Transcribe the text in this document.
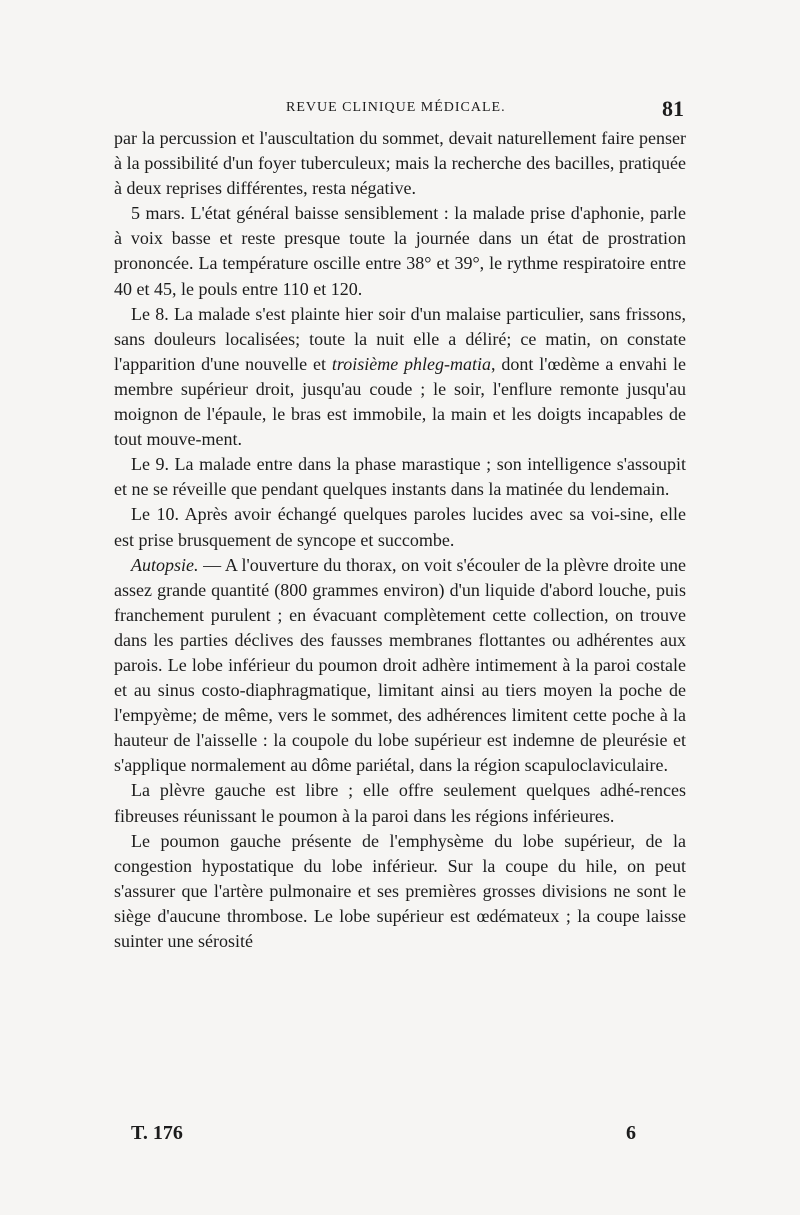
REVUE CLINIQUE MÉDICALE.	81

par la percussion et l'auscultation du sommet, devait naturellement faire penser à la possibilité d'un foyer tuberculeux; mais la recherche des bacilles, pratiquée à deux reprises différentes, resta négative.

5 mars. L'état général baisse sensiblement : la malade prise d'aphonie, parle à voix basse et reste presque toute la journée dans un état de prostration prononcée. La température oscille entre 38° et 39°, le rythme respiratoire entre 40 et 45, le pouls entre 110 et 120.

Le 8. La malade s'est plainte hier soir d'un malaise particulier, sans frissons, sans douleurs localisées; toute la nuit elle a déliré; ce matin, on constate l'apparition d'une nouvelle et troisième phleg-matia, dont l'œdème a envahi le membre supérieur droit, jusqu'au coude ; le soir, l'enflure remonte jusqu'au moignon de l'épaule, le bras est immobile, la main et les doigts incapables de tout mouve-ment.

Le 9. La malade entre dans la phase marastique ; son intelligence s'assoupit et ne se réveille que pendant quelques instants dans la matinée du lendemain.

Le 10. Après avoir échangé quelques paroles lucides avec sa voi-sine, elle est prise brusquement de syncope et succombe.

Autopsie. — A l'ouverture du thorax, on voit s'écouler de la plèvre droite une assez grande quantité (800 grammes environ) d'un liquide d'abord louche, puis franchement purulent ; en évacuant complètement cette collection, on trouve dans les parties déclives des fausses membranes flottantes ou adhérentes aux parois. Le lobe inférieur du poumon droit adhère intimement à la paroi costale et au sinus costo-diaphragmatique, limitant ainsi au tiers moyen la poche de l'empyème; de même, vers le sommet, des adhérences limitent cette poche à la hauteur de l'aisselle : la coupole du lobe supérieur est indemne de pleurésie et s'applique normalement au dôme pariétal, dans la région scapuloclaviculaire.

La plèvre gauche est libre ; elle offre seulement quelques adhé-rences fibreuses réunissant le poumon à la paroi dans les régions inférieures.

Le poumon gauche présente de l'emphysème du lobe supérieur, de la congestion hypostatique du lobe inférieur. Sur la coupe du hile, on peut s'assurer que l'artère pulmonaire et ses premières grosses divisions ne sont le siège d'aucune thrombose. Le lobe supérieur est œdémateux ; la coupe laisse suinter une sérosité

T. 176	6
